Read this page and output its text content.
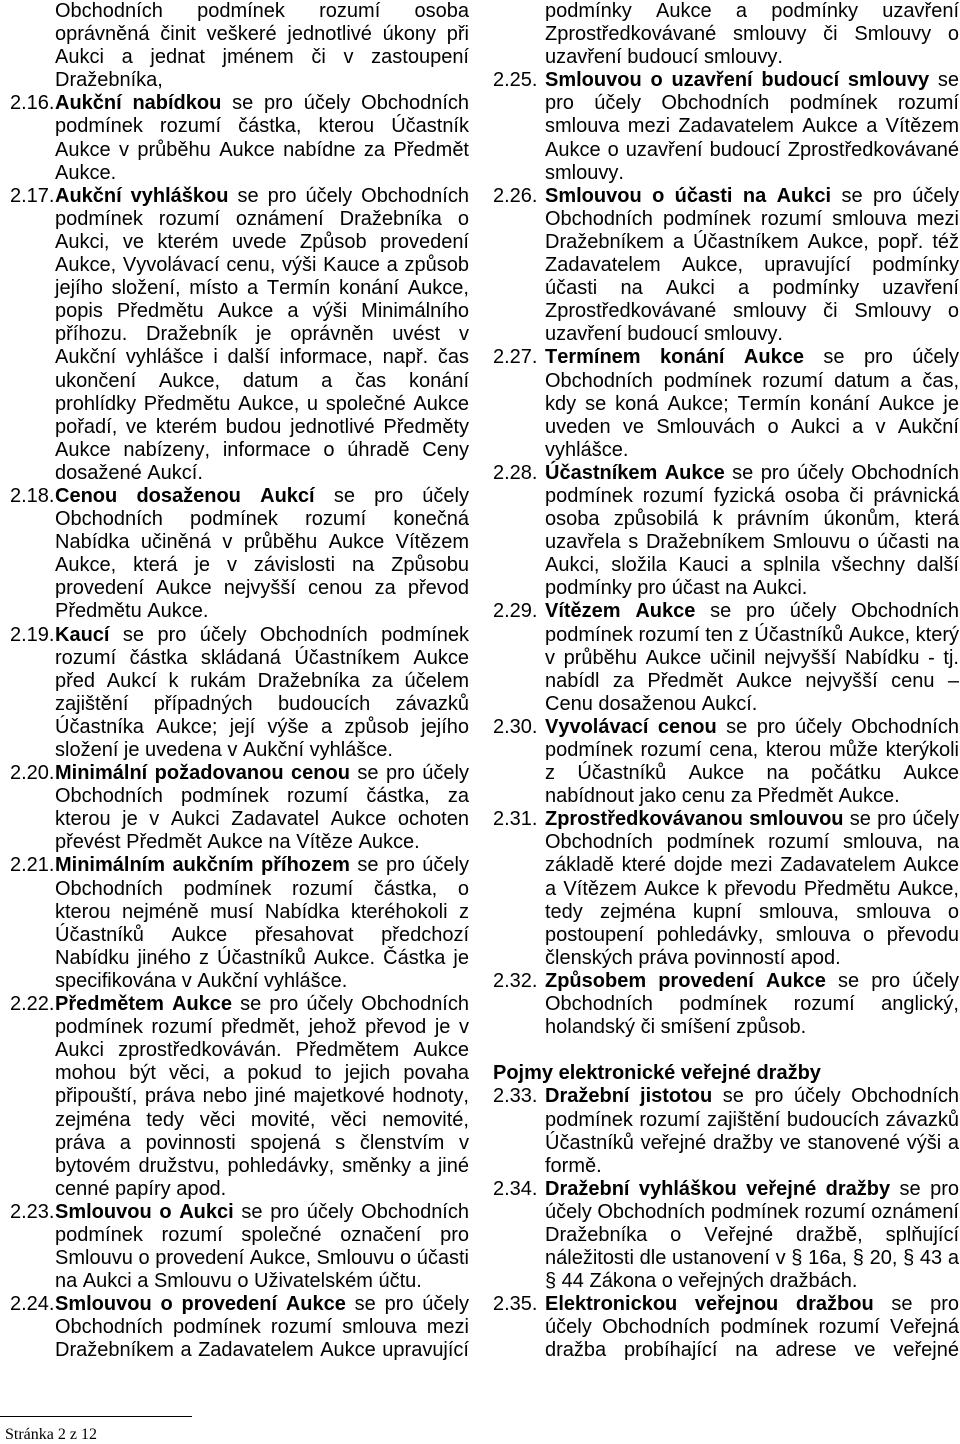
Obchodních podmínek rozumí osoba oprávněná činit veškeré jednotlivé úkony při Aukci a jednat jménem či v zastoupení Dražebníka,
2.16. Aukční nabídkou se pro účely Obchodních podmínek rozumí částka, kterou Účastník Aukce v průběhu Aukce nabídne za Předmět Aukce.
2.17. Aukční vyhláškou se pro účely Obchodních podmínek rozumí oznámení Dražebníka o Aukci, ve kterém uvede Způsob provedení Aukce, Vyvolávací cenu, výši Kauce a způsob jejího složení, místo a Termín konání Aukce, popis Předmětu Aukce a výši Minimálního příhozu. Dražebník je oprávněn uvést v Aukční vyhlášce i další informace, např. čas ukončení Aukce, datum a čas konání prohlídky Předmětu Aukce, u společné Aukce pořadí, ve kterém budou jednotlivé Předměty Aukce nabízeny, informace o úhradě Ceny dosažené Aukcí.
2.18. Cenou dosaženou Aukcí se pro účely Obchodních podmínek rozumí konečná Nabídka učiněná v průběhu Aukce Vítězem Aukce, která je v závislosti na Způsobu provedení Aukce nejvyšší cenou za převod Předmětu Aukce.
2.19. Kaucí se pro účely Obchodních podmínek rozumí částka skládaná Účastníkem Aukce před Aukcí k rukám Dražebníka za účelem zajištění případných budoucích závazků Účastníka Aukce; její výše a způsob jejího složení je uvedena v Aukční vyhlášce.
2.20. Minimální požadovanou cenou se pro účely Obchodních podmínek rozumí částka, za kterou je v Aukci Zadavatel Aukce ochoten převést Předmět Aukce na Vítěze Aukce.
2.21. Minimálním aukčním příhozem se pro účely Obchodních podmínek rozumí částka, o kterou nejméně musí Nabídka kteréhokoli z Účastníků Aukce přesahovat předchozí Nabídku jiného z Účastníků Aukce. Částka je specifikována v Aukční vyhlášce.
2.22. Předmětem Aukce se pro účely Obchodních podmínek rozumí předmět, jehož převod je v Aukci zprostředkováván. Předmětem Aukce mohou být věci, a pokud to jejich povaha připouští, práva nebo jiné majetkové hodnoty, zejména tedy věci movité, věci nemovité, práva a povinnosti spojená s členstvím v bytovém družstvu, pohledávky, směnky a jiné cenné papíry apod.
2.23. Smlouvou o Aukci se pro účely Obchodních podmínek rozumí společné označení pro Smlouvu o provedení Aukce, Smlouvu o účasti na Aukci a Smlouvu o Uživatelském účtu.
2.24. Smlouvou o provedení Aukce se pro účely Obchodních podmínek rozumí smlouva mezi Dražebníkem a Zadavatelem Aukce upravující
podmínky Aukce a podmínky uzavření Zprostředkovávané smlouvy či Smlouvy o uzavření budoucí smlouvy.
2.25. Smlouvou o uzavření budoucí smlouvy se pro účely Obchodních podmínek rozumí smlouva mezi Zadavatelem Aukce a Vítězem Aukce o uzavření budoucí Zprostředkovávané smlouvy.
2.26. Smlouvou o účasti na Aukci se pro účely Obchodních podmínek rozumí smlouva mezi Dražebníkem a Účastníkem Aukce, popř. též Zadavatelem Aukce, upravující podmínky účasti na Aukci a podmínky uzavření Zprostředkovávané smlouvy či Smlouvy o uzavření budoucí smlouvy.
2.27. Termínem konání Aukce se pro účely Obchodních podmínek rozumí datum a čas, kdy se koná Aukce; Termín konání Aukce je uveden ve Smlouvách o Aukci a v Aukční vyhlášce.
2.28. Účastníkem Aukce se pro účely Obchodních podmínek rozumí fyzická osoba či právnická osoba způsobilá k právním úkonům, která uzavřela s Dražebníkem Smlouvu o účasti na Aukci, složila Kauci a splnila všechny další podmínky pro účast na Aukci.
2.29. Vítězem Aukce se pro účely Obchodních podmínek rozumí ten z Účastníků Aukce, který v průběhu Aukce učinil nejvyšší Nabídku - tj. nabídl za Předmět Aukce nejvyšší cenu – Cenu dosaženou Aukcí.
2.30. Vyvolávací cenou se pro účely Obchodních podmínek rozumí cena, kterou může kterýkoli z Účastníků Aukce na počátku Aukce nabídnout jako cenu za Předmět Aukce.
2.31. Zprostředkovávanou smlouvou se pro účely Obchodních podmínek rozumí smlouva, na základě které dojde mezi Zadavatelem Aukce a Vítězem Aukce k převodu Předmětu Aukce, tedy zejména kupní smlouva, smlouva o postoupení pohledávky, smlouva o převodu členských práva povinností apod.
2.32. Způsobem provedení Aukce se pro účely Obchodních podmínek rozumí anglický, holandský či smíšení způsob.
Pojmy elektronické veřejné dražby
2.33. Dražební jistotou se pro účely Obchodních podmínek rozumí zajištění budoucích závazků Účastníků veřejné dražby ve stanovené výši a formě.
2.34. Dražební vyhláškou veřejné dražby se pro účely Obchodních podmínek rozumí oznámení Dražebníka o Veřejné dražbě, splňující náležitosti dle ustanovení v § 16a, § 20, § 43 a § 44 Zákona o veřejných dražbách.
2.35. Elektronickou veřejnou dražbou se pro účely Obchodních podmínek rozumí Veřejná dražba probíhající na adrese ve veřejné
Stránka 2 z 12
